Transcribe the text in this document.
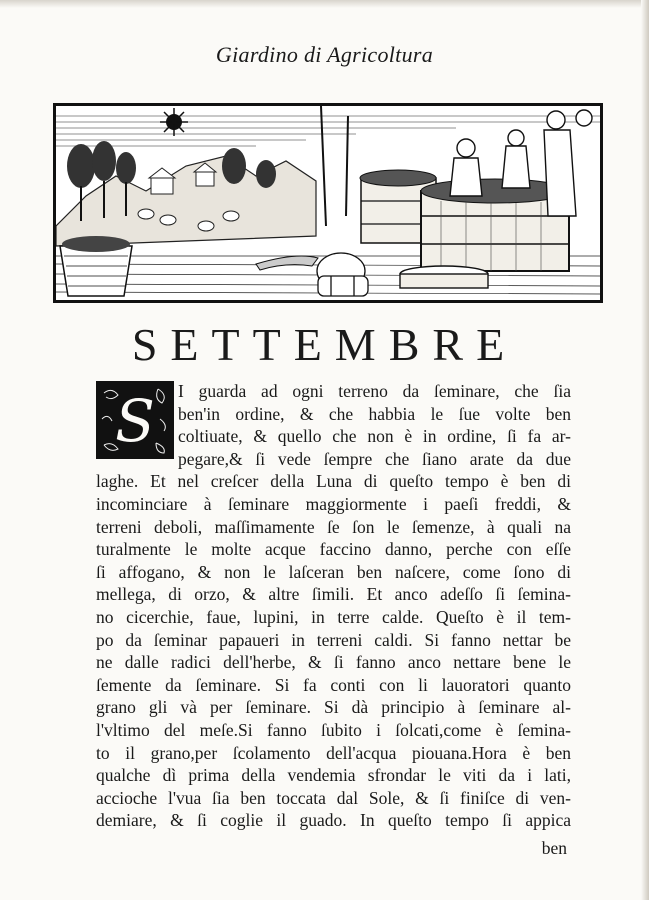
Giardino di Agricoltura
SETTEMBRE
S	I guarda ad ogni terreno da ſeminare, che ſia
ben'in ordine, & che habbia le ſue volte ben
coltiuate, & quello che non è in ordine, ſi fa ar-
pegare,& ſi vede ſempre che ſiano arate da due
laghe. Et nel creſcer della Luna di queſto tempo è ben di
incominciare à ſeminare maggiormente i paeſi freddi, &
terreni deboli, maſſimamente ſe ſon le ſemenze, à quali na
turalmente le molte acque faccino danno, perche con eſſe
ſi affogano, & non le laſceran ben naſcere, come ſono di
mellega, di orzo, & altre ſimili. Et anco adeſſo ſi ſemina-
no cicerchie, faue, lupini, in terre calde. Queſto è il tem-
po da ſeminar papaueri in terreni caldi. Si fanno nettar be
ne dalle radici dell'herbe, & ſi fanno anco nettare bene le
ſemente da ſeminare. Si fa conti con li lauoratori quanto
grano gli và per ſeminare. Si dà principio à ſeminare al-
l'vltimo del meſe.Si fanno ſubito i ſolcati,come è ſemina-
to il grano,per ſcolamento dell'acqua piouana.Hora è ben
qualche dì prima della vendemia sfrondar le viti da i lati,
accioche l'vua ſia ben toccata dal Sole, & ſi finiſce di ven-
demiare, & ſi coglie il guado. In queſto tempo ſi appica
ben
